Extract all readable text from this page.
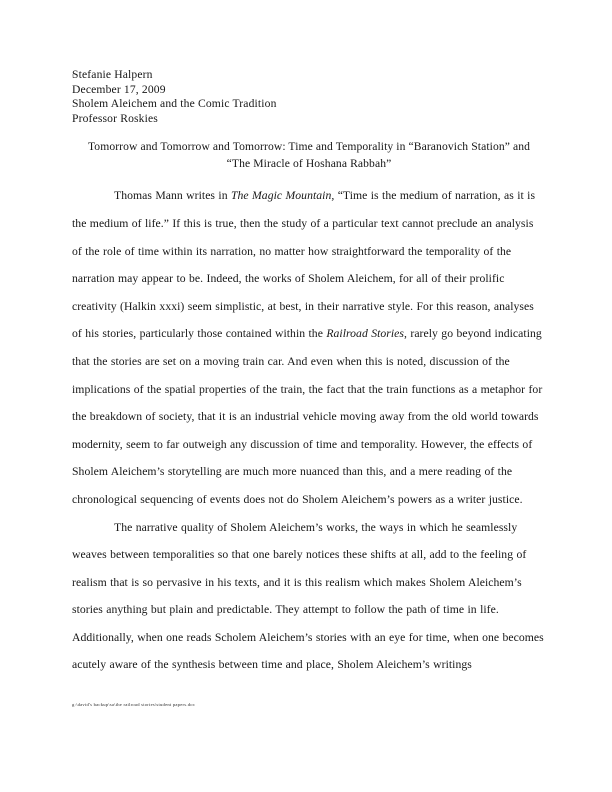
Stefanie Halpern
December 17, 2009
Sholem Aleichem and the Comic Tradition
Professor Roskies
Tomorrow and Tomorrow and Tomorrow: Time and Temporality in “Baranovich Station” and
“The Miracle of Hoshana Rabbah”

Thomas Mann writes in The Magic Mountain, “Time is the medium of narration, as it is the medium of life.” If this is true, then the study of a particular text cannot preclude an analysis of the role of time within its narration, no matter how straightforward the temporality of the narration may appear to be. Indeed, the works of Sholem Aleichem, for all of their prolific creativity (Halkin xxxi) seem simplistic, at best, in their narrative style. For this reason, analyses of his stories, particularly those contained within the Railroad Stories, rarely go beyond indicating that the stories are set on a moving train car. And even when this is noted, discussion of the implications of the spatial properties of the train, the fact that the train functions as a metaphor for the breakdown of society, that it is an industrial vehicle moving away from the old world towards modernity, seem to far outweigh any discussion of time and temporality. However, the effects of Sholem Aleichem’s storytelling are much more nuanced than this, and a mere reading of the chronological sequencing of events does not do Sholem Aleichem’s powers as a writer justice.

The narrative quality of Sholem Aleichem’s works, the ways in which he seamlessly weaves between temporalities so that one barely notices these shifts at all, add to the feeling of realism that is so pervasive in his texts, and it is this realism which makes Sholem Aleichem’s stories anything but plain and predictable. They attempt to follow the path of time in life. Additionally, when one reads Scholem Aleichem’s stories with an eye for time, when one becomes acutely aware of the synthesis between time and place, Sholem Aleichem’s writings

g:\david's backup\sa\the railroad stories\student papers.doc
